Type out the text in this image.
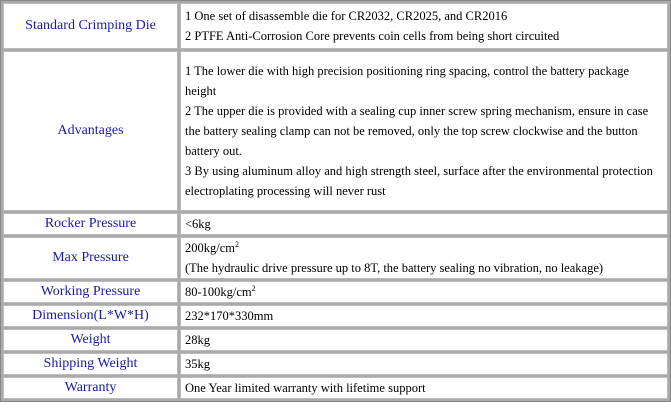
Standard Crimping Die	1 One set of disassemble die for CR2032, CR2025, and CR2016
2 PTFE Anti-Corrosion Core prevents coin cells from being short circuited

Advantages	1 The lower die with high precision positioning ring spacing, control the battery package height
2 The upper die is provided with a sealing cup inner screw spring mechanism, ensure in case the battery sealing clamp can not be removed, only the top screw clockwise and the button battery out.
3 By using aluminum alloy and high strength steel, surface after the environmental protection electroplating processing will never rust

Rocker Pressure	<6kg
Max Pressure	$200kg/cm^2$
(The hydraulic drive pressure up to 8T, the battery sealing no vibration, no leakage)

Working Pressure	$80-100kg/cm^2$
Dimension(L*W*H)	232*170*330mm
Weight	28kg
Shipping Weight	35kg
Warranty	One Year limited warranty with lifetime support
